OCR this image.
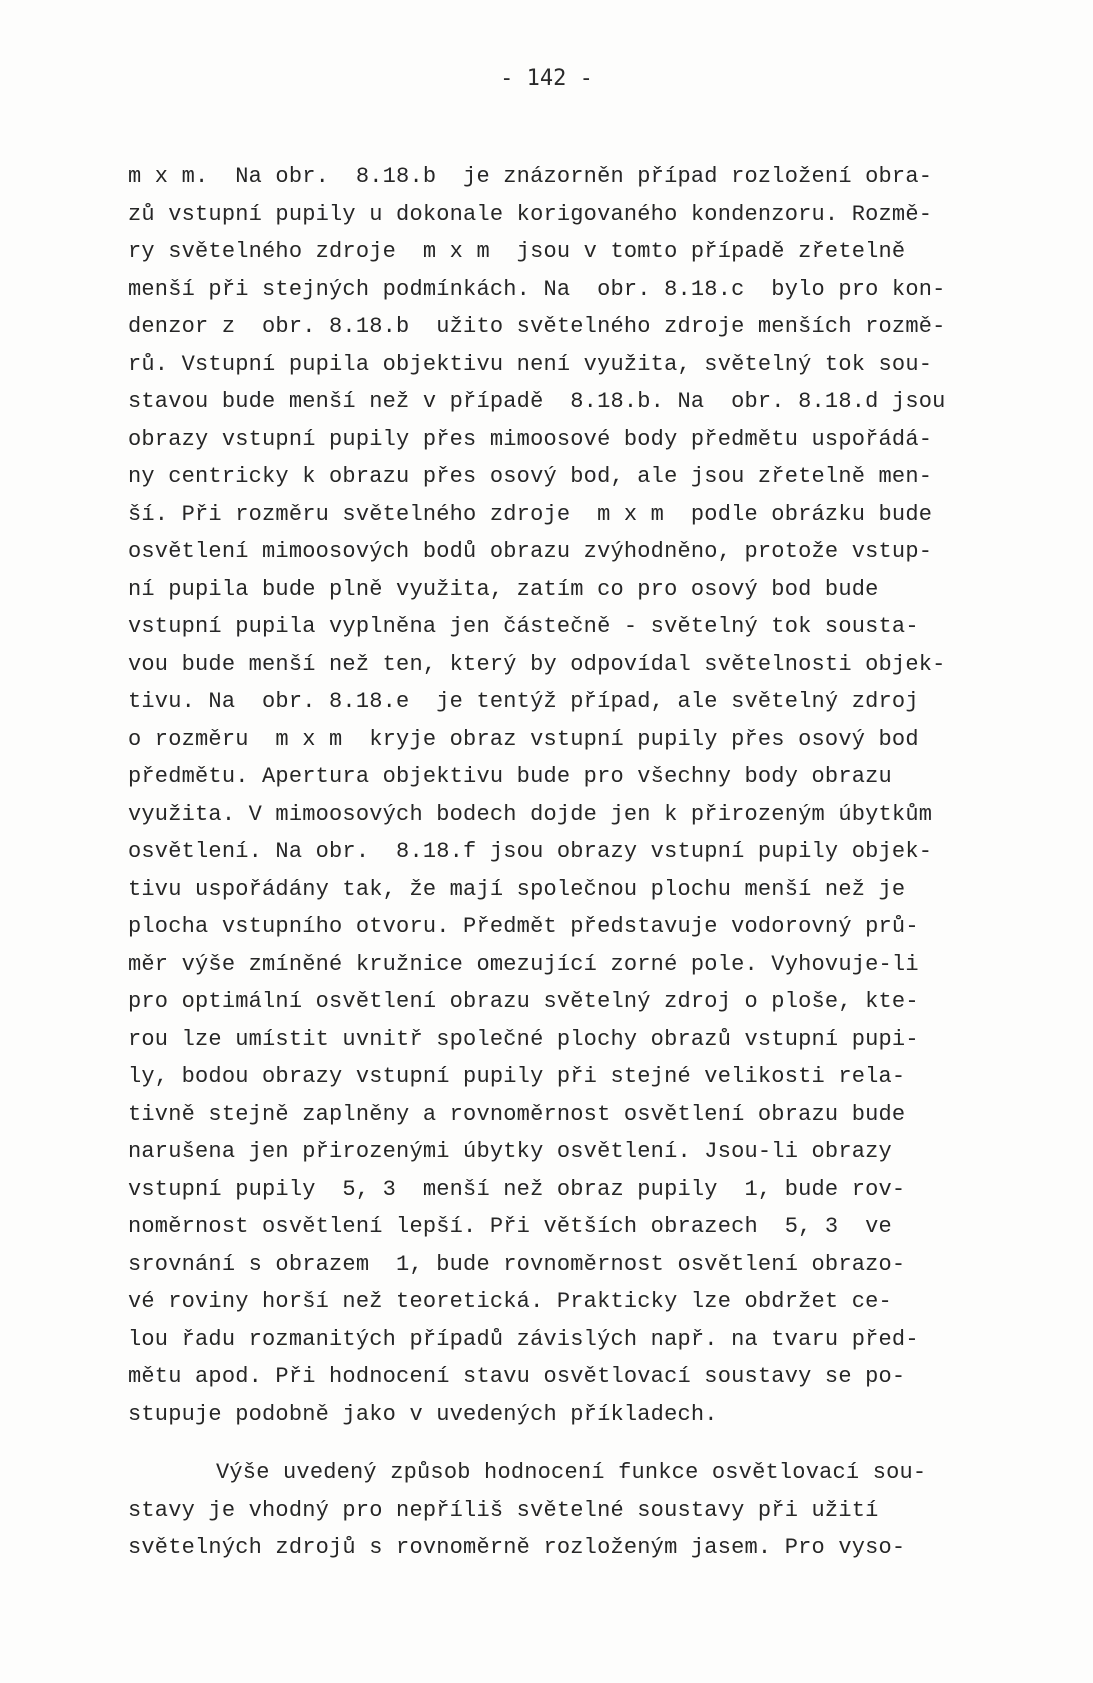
- 142 -
m x m.  Na obr.  8.18.b  je znázorněn případ rozložení obra-
zů vstupní pupily u dokonale korigovaného kondenzoru. Rozmě-
ry světelného zdroje  m x m  jsou v tomto případě zřetelně
menší při stejných podmínkách. Na  obr. 8.18.c  bylo pro kon-
denzor z  obr. 8.18.b  užito světelného zdroje menších rozmě-
rů. Vstupní pupila objektivu není využita, světelný tok sou-
stavou bude menší než v případě  8.18.b. Na  obr. 8.18.d jsou
obrazy vstupní pupily přes mimoosové body předmětu uspořádá-
ny centricky k obrazu přes osový bod, ale jsou zřetelně men-
ší. Při rozměru světelného zdroje  m x m  podle obrázku bude
osvětlení mimoosových bodů obrazu zvýhodněno, protože vstup-
ní pupila bude plně využita, zatím co pro osový bod bude
vstupní pupila vyplněna jen částečně - světelný tok sousta-
vou bude menší než ten, který by odpovídal světelnosti objek-
tivu. Na  obr. 8.18.e  je tentýž případ, ale světelný zdroj
o rozměru  m x m  kryje obraz vstupní pupily přes osový bod
předmětu. Apertura objektivu bude pro všechny body obrazu
využita. V mimoosových bodech dojde jen k přirozeným úbytkům
osvětlení. Na obr.  8.18.f jsou obrazy vstupní pupily objek-
tivu uspořádány tak, že mají společnou plochu menší než je
plocha vstupního otvoru. Předmět představuje vodorovný prů-
měr výše zmíněné kružnice omezující zorné pole. Vyhovuje-li
pro optimální osvětlení obrazu světelný zdroj o ploše, kte-
rou lze umístit uvnitř společné plochy obrazů vstupní pupi-
ly, bodou obrazy vstupní pupily při stejné velikosti rela-
tivně stejně zaplněny a rovnoměrnost osvětlení obrazu bude
narušena jen přirozenými úbytky osvětlení. Jsou-li obrazy
vstupní pupily  5, 3  menší než obraz pupily  1, bude rov-
noměrnost osvětlení lepší. Při větších obrazech  5, 3  ve
srovnání s obrazem  1, bude rovnoměrnost osvětlení obrazo-
vé roviny horší než teoretická. Prakticky lze obdržet ce-
lou řadu rozmanitých případů závislých např. na tvaru před-
mětu apod. Při hodnocení stavu osvětlovací soustavy se po-
stupuje podobně jako v uvedených příkladech.
Výše uvedený způsob hodnocení funkce osvětlovací sou-
stavy je vhodný pro nepříliš světelné soustavy při užití
světelných zdrojů s rovnoměrně rozloženým jasem. Pro vyso-
